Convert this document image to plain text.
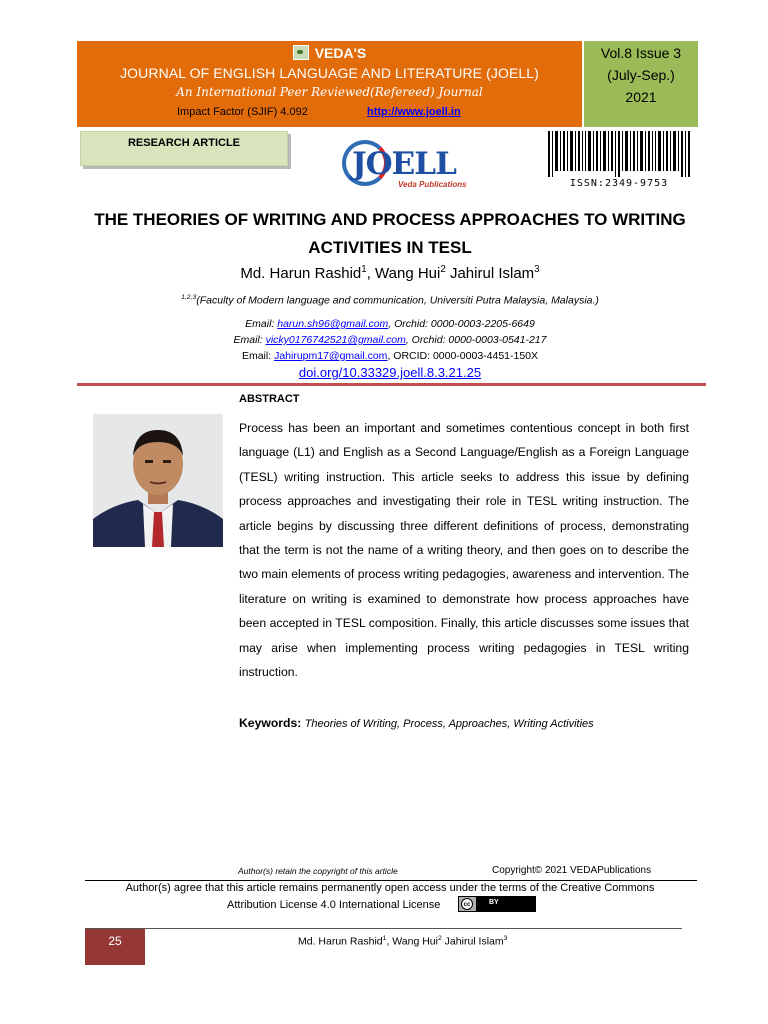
VEDA'S
JOURNAL OF ENGLISH LANGUAGE AND LITERATURE (JOELL)
An International Peer Reviewed(Refereed) Journal
Impact Factor (SJIF) 4.092	http://www.joell.in
Vol.8 Issue 3
(July-Sep.)
2021
RESEARCH ARTICLE
JOELL
Veda Publications	ISSN:2349-9753
THE THEORIES OF WRITING AND PROCESS APPROACHES TO WRITING
ACTIVITIES IN TESL
Md. Harun Rashid$^1$, Wang Hui$^2$ Jahirul Islam$^3$
$^{1,2,3}$(Faculty of Modern language and communication, Universiti Putra Malaysia, Malaysia.)
Email: harun.sh96@gmail.com, Orchid: 0000-0003-2205-6649
Email: vicky0176742521@gmail.com, Orchid: 0000-0003-0541-217
Email: Jahirupm17@gmail.com, ORCID: 0000-0003-4451-150X
doi.org/10.33329.joell.8.3.21.25
ABSTRACT
Process has been an important and sometimes contentious concept in both first language (L1) and English as a Second Language/English as a Foreign Language (TESL) writing instruction. This article seeks to address this issue by defining process approaches and investigating their role in TESL writing instruction. The article begins by discussing three different definitions of process, demonstrating that the term is not the name of a writing theory, and then goes on to describe the two main elements of process writing pedagogies, awareness and intervention. The literature on writing is examined to demonstrate how process approaches have been accepted in TESL composition. Finally, this article discusses some issues that may arise when implementing process writing pedagogies in TESL writing instruction.
Keywords: Theories of Writing, Process, Approaches, Writing Activities
Author(s) retain the copyright of this article	Copyright© 2021 VEDAPublications
Author(s) agree that this article remains permanently open access under the terms of the Creative Commons
Attribution License 4.0 International License	cc	BY
25	Md. Harun Rashid$^1$, Wang Hui$^2$ Jahirul Islam$^3$
